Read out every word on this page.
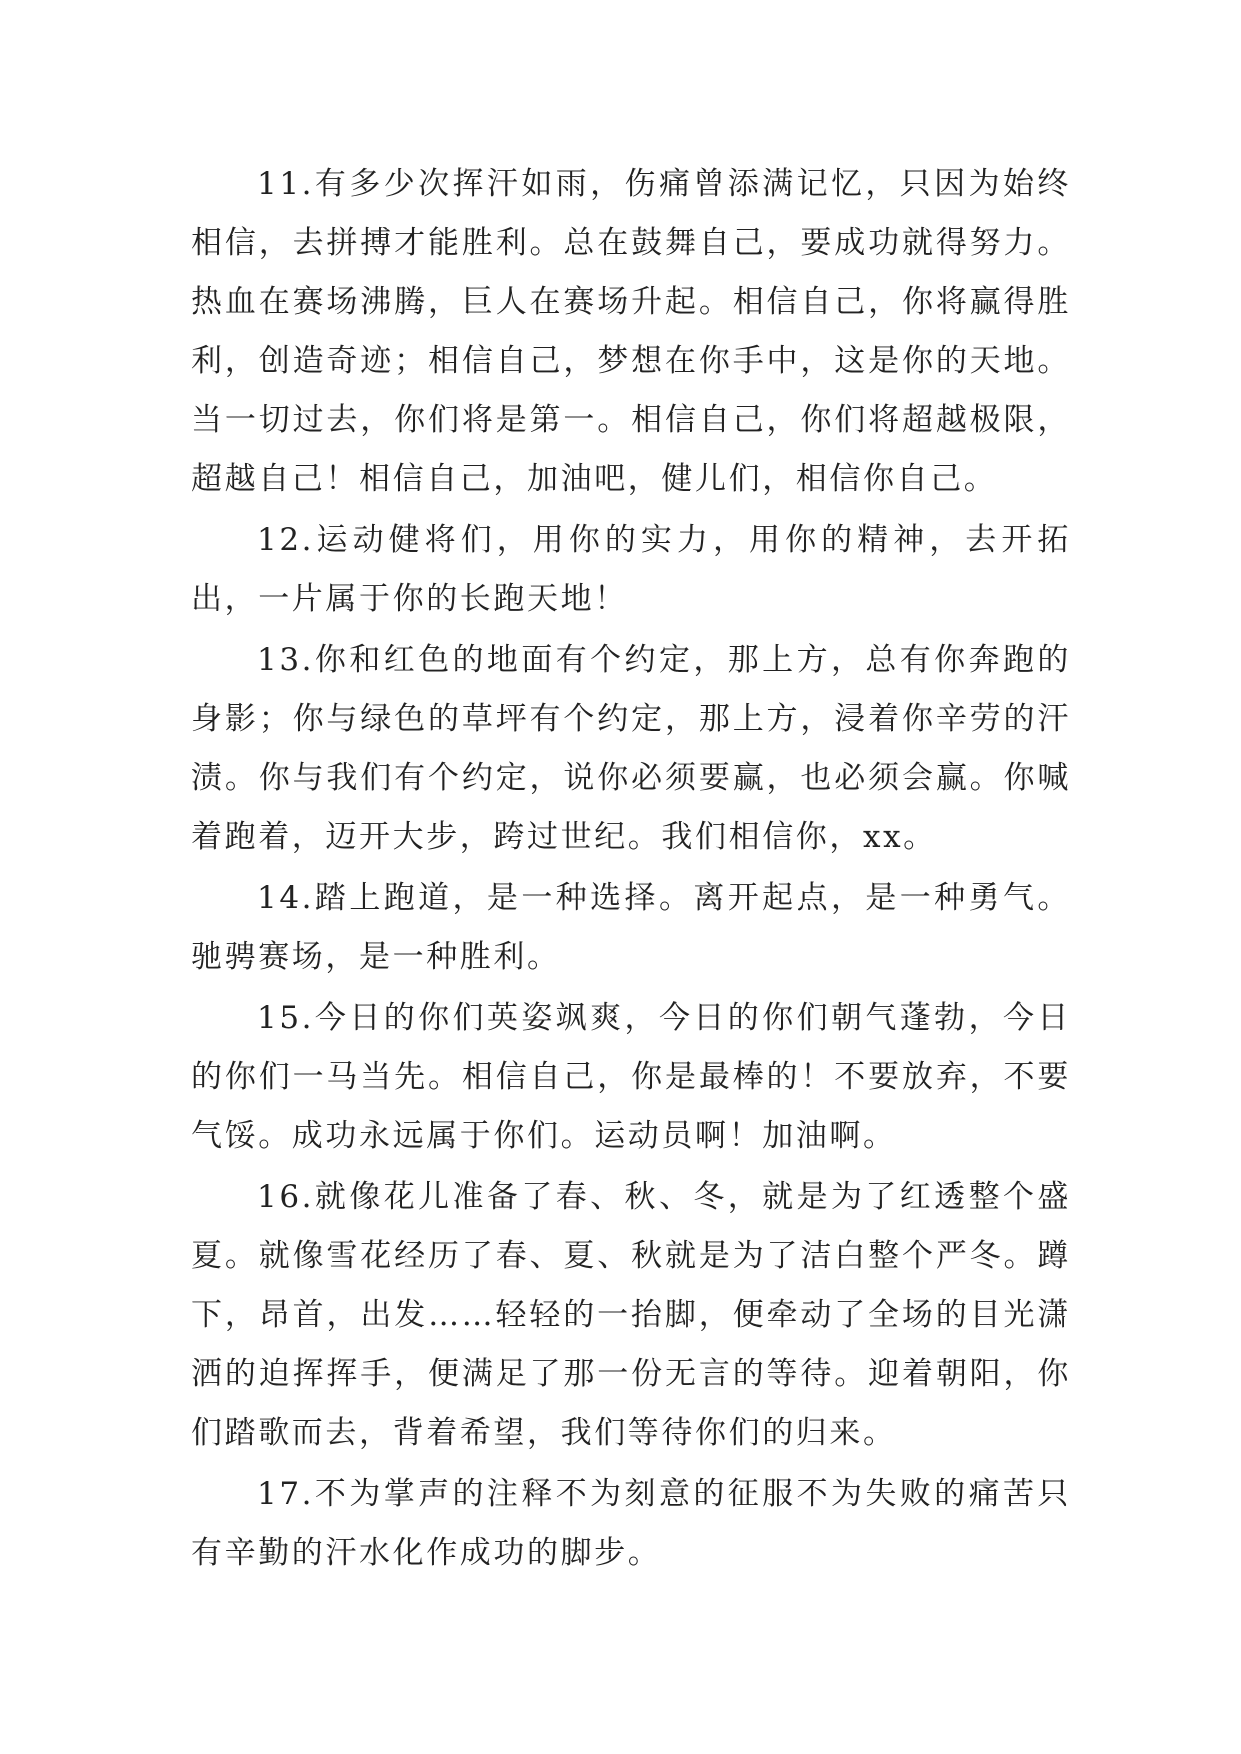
11.有多少次挥汗如雨，伤痛曾添满记忆，只因为始终相信，去拼搏才能胜利。总在鼓舞自己，要成功就得努力。热血在赛场沸腾，巨人在赛场升起。相信自己，你将赢得胜利，创造奇迹；相信自己，梦想在你手中，这是你的天地。当一切过去，你们将是第一。相信自己，你们将超越极限，超越自己！相信自己，加油吧，健儿们，相信你自己。

12.运动健将们，用你的实力，用你的精神，去开拓出，一片属于你的长跑天地！

13.你和红色的地面有个约定，那上方，总有你奔跑的身影；你与绿色的草坪有个约定，那上方，浸着你辛劳的汗渍。你与我们有个约定，说你必须要赢，也必须会赢。你喊着跑着，迈开大步，跨过世纪。我们相信你，xx。

14.踏上跑道，是一种选择。离开起点，是一种勇气。驰骋赛场，是一种胜利。

15.今日的你们英姿飒爽，今日的你们朝气蓬勃，今日的你们一马当先。相信自己，你是最棒的！不要放弃，不要气馁。成功永远属于你们。运动员啊！加油啊。

16.就像花儿准备了春、秋、冬，就是为了红透整个盛夏。就像雪花经历了春、夏、秋就是为了洁白整个严冬。蹲下，昂首，出发……轻轻的一抬脚，便牵动了全场的目光潇洒的迫挥挥手，便满足了那一份无言的等待。迎着朝阳，你们踏歌而去，背着希望，我们等待你们的归来。

17.不为掌声的注释不为刻意的征服不为失败的痛苦只有辛勤的汗水化作成功的脚步。
